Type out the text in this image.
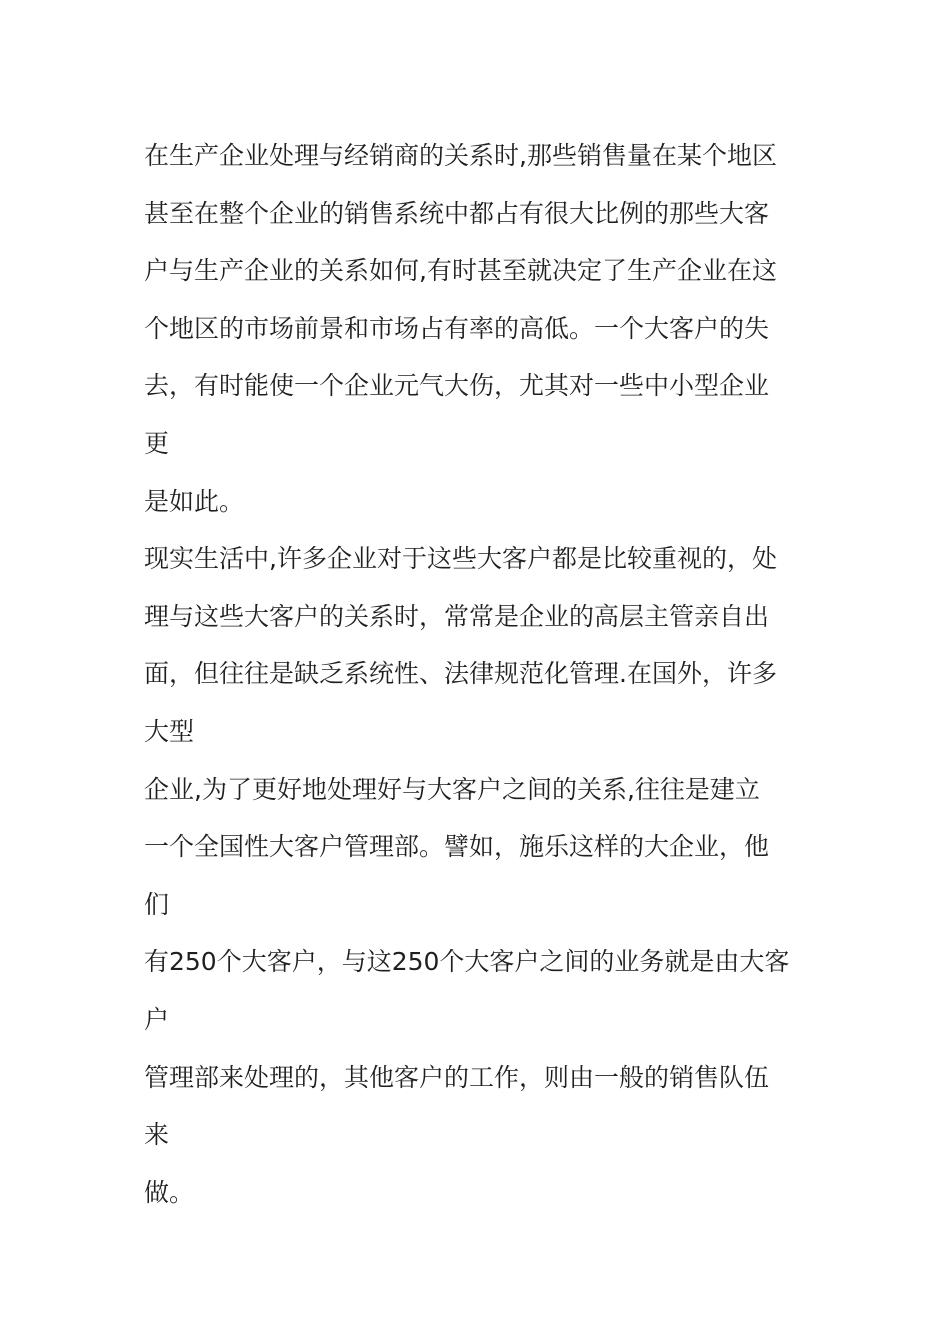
在生产企业处理与经销商的关系时,那些销售量在某个地区
甚至在整个企业的销售系统中都占有很大比例的那些大客
户与生产企业的关系如何,有时甚至就决定了生产企业在这
个地区的市场前景和市场占有率的高低。一个大客户的失
去，有时能使一个企业元气大伤，尤其对一些中小型企业
更
是如此。
现实生活中,许多企业对于这些大客户都是比较重视的，处
理与这些大客户的关系时，常常是企业的高层主管亲自出
面，但往往是缺乏系统性、法律规范化管理.在国外，许多
大型
企业,为了更好地处理好与大客户之间的关系,往往是建立
一个全国性大客户管理部。譬如，施乐这样的大企业，他
们
有250个大客户，与这250个大客户之间的业务就是由大客
户
管理部来处理的，其他客户的工作，则由一般的销售队伍
来
做。
